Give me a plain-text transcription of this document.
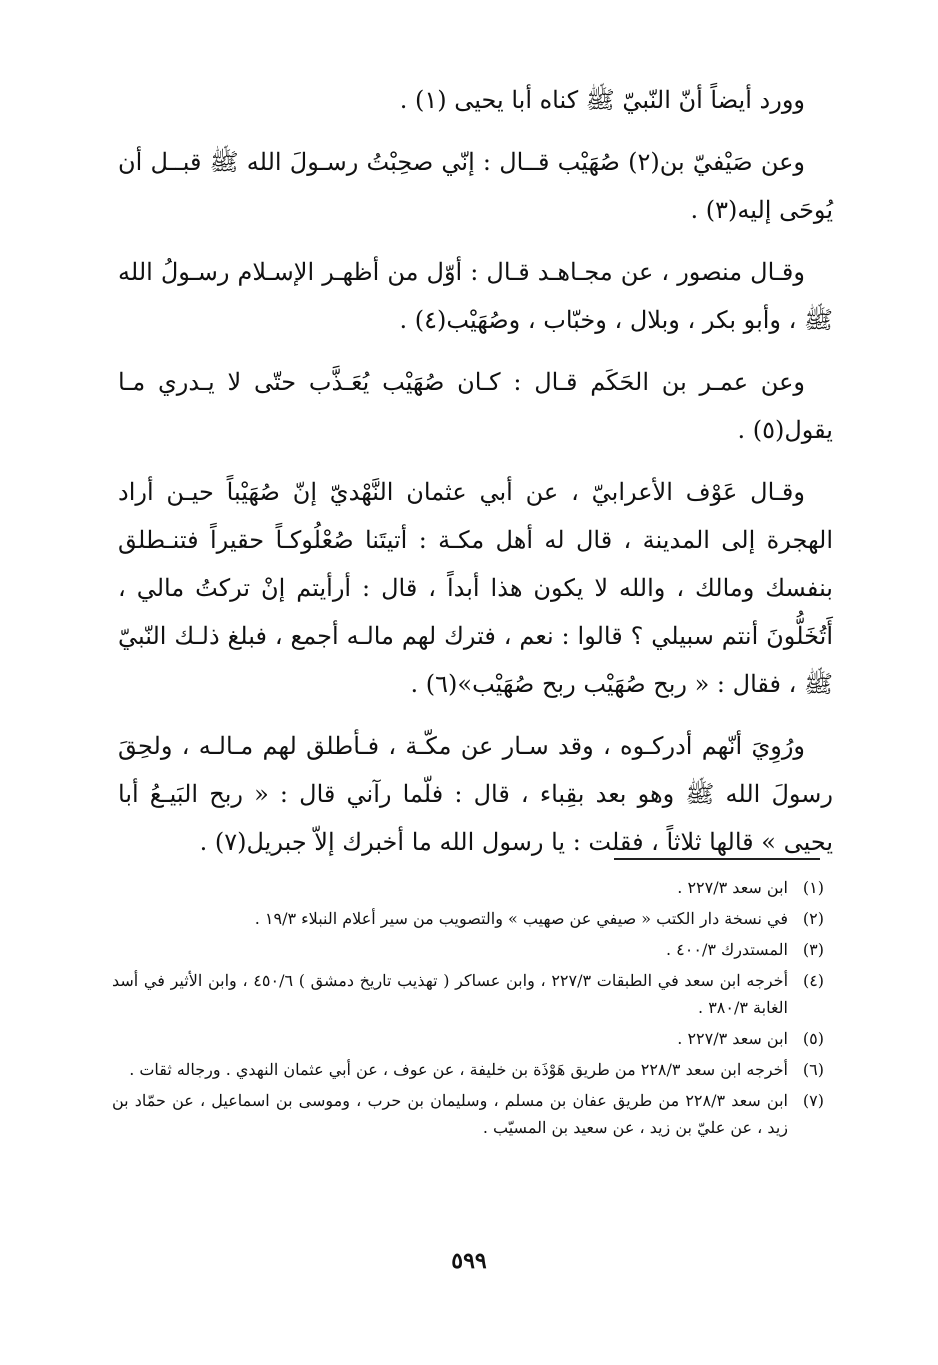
وورد أيضاً أنّ النّبيّ ﷺ كناه أبا يحيى (١) .

وعن صَيْفيّ بن(٢) صُهَيْب قــال : إنّي صحِبْتُ رسـولَ الله ﷺ قبــل أن يُوحَى إليه(٣) .

وقـال منصور ، عن مجـاهـد قـال : أوّل من أظهـر الإسـلام رسـولُ الله ﷺ ، وأبو بكر ، وبلال ، وخبّاب ، وصُهَيْب(٤) .

وعن عمـر بن الحَكَم قـال : كـان صُهَيْب يُعَـذَّب حتّى لا يـدري مـا يقول(٥) .

وقـال عَوْف الأعرابيّ ، عن أبي عثمان النَّهْديّ إنّ صُهَيْباً حيـن أراد الهجرة إلى المدينة ، قال له أهل مكـة : أتيتَنا صُعْلُوكـاً حقيراً فتنـطلق بنفسك ومالك ، والله لا يكون هذا أبداً ، قال : أرأيتم إنْ تركتُ مالي ، أَتُخَلُّونَ أنتم سبيلي ؟ قالوا : نعم ، فترك لهم مالـه أجمع ، فبلغ ذلـك النّبيّ ﷺ ، فقال : « ربح صُهَيْب ربح صُهَيْب»(٦) .

ورُوِيَ أنّهم أدركـوه ، وقد سـار عن مكّـة ، فـأطلق لهم مـالـه ، ولحِقَ رسولَ الله ﷺ وهو بعد بقِباء ، قال : فلّما رآني قال : « ربح البَيـعُ أبا يحيى » قالها ثلاثاً ، فقلت : يا رسول الله ما أخبرك إلاّ جبريل(٧) .

(١)ابن سعد ٢٢٧/٣ .

(٢)في نسخة دار الكتب « صيفي عن صهيب » والتصويب من سير أعلام النبلاء ١٩/٣ .

(٣)المستدرك ٤٠٠/٣ .

(٤)أخرجه ابن سعد في الطبقات ٢٢٧/٣ ، وابن عساكر ( تهذيب تاريخ دمشق ) ٤٥٠/٦ ، وابن الأثير في أسد الغابة ٣٨٠/٣ .

(٥)ابن سعد ٢٢٧/٣ .

(٦)أخرجه ابن سعد ٢٢٨/٣ من طريق هَوْذَة بن خليفة ، عن عوف ، عن أبي عثمان النهدي . ورجاله ثقات .

(٧)ابن سعد ٢٢٨/٣ من طريق عفان بن مسلم ، وسليمان بن حرب ، وموسى بن اسماعيل ، عن حمّاد بن زيد ، عن عليّ بن زيد ، عن سعيد بن المسيّب .

٥٩٩
